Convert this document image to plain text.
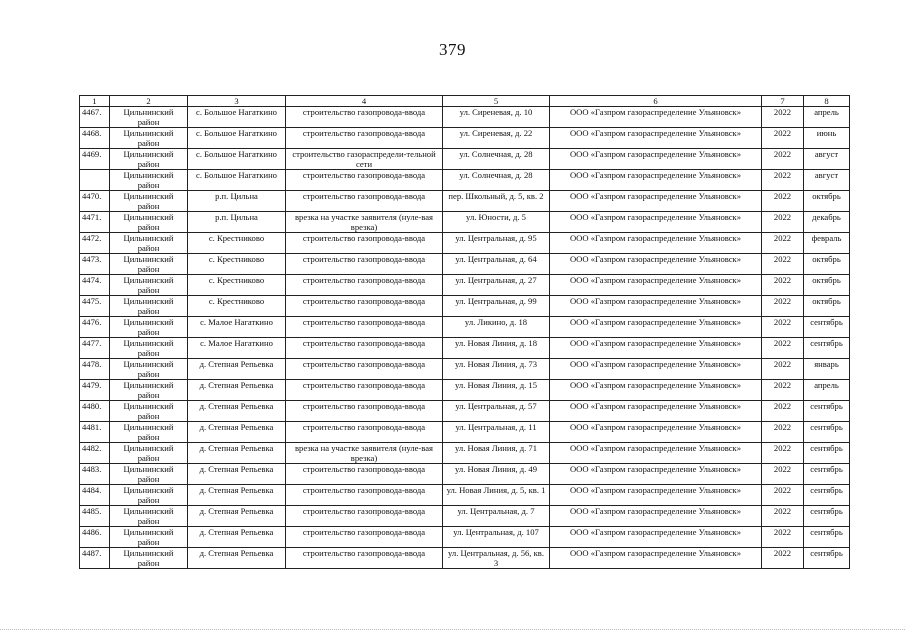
379
1	2	3	4	5	6	7	8
4467.	Цильнинский район	с. Большое Нагаткино	строительство газопровода-ввода	ул. Сиреневая, д. 10	ООО «Газпром газораспределение Ульяновск»	2022	апрель
4468.	Цильнинский район	с. Большое Нагаткино	строительство газопровода-ввода	ул. Сиреневая, д. 22	ООО «Газпром газораспределение Ульяновск»	2022	июнь
4469.	Цильнинский район	с. Большое Нагаткино	строительство газораспредели-тельной сети	ул. Солнечная, д. 28	ООО «Газпром газораспределение Ульяновск»	2022	август
	Цильнинский район	с. Большое Нагаткино	строительство газопровода-ввода	ул. Солнечная, д. 28	ООО «Газпром газораспределение Ульяновск»	2022	август
4470.	Цильнинский район	р.п. Цильна	строительство газопровода-ввода	пер. Школьный, д. 5, кв. 2	ООО «Газпром газораспределение Ульяновск»	2022	октябрь
4471.	Цильнинский район	р.п. Цильна	врезка на участке заявителя (нуле-вая врезка)	ул. Юности, д. 5	ООО «Газпром газораспределение Ульяновск»	2022	декабрь
4472.	Цильнинский район	с. Крестниково	строительство газопровода-ввода	ул. Центральная, д. 95	ООО «Газпром газораспределение Ульяновск»	2022	февраль
4473.	Цильнинский район	с. Крестниково	строительство газопровода-ввода	ул. Центральная, д. 64	ООО «Газпром газораспределение Ульяновск»	2022	октябрь
4474.	Цильнинский район	с. Крестниково	строительство газопровода-ввода	ул. Центральная, д. 27	ООО «Газпром газораспределение Ульяновск»	2022	октябрь
4475.	Цильнинский район	с. Крестниково	строительство газопровода-ввода	ул. Центральная, д. 99	ООО «Газпром газораспределение Ульяновск»	2022	октябрь
4476.	Цильнинский район	с. Малое Нагаткино	строительство газопровода-ввода	ул. Ликино, д. 18	ООО «Газпром газораспределение Ульяновск»	2022	сентябрь
4477.	Цильнинский район	с. Малое Нагаткино	строительство газопровода-ввода	ул. Новая Линия, д. 18	ООО «Газпром газораспределение Ульяновск»	2022	сентябрь
4478.	Цильнинский район	д. Степная Репьевка	строительство газопровода-ввода	ул. Новая Линия, д. 73	ООО «Газпром газораспределение Ульяновск»	2022	январь
4479.	Цильнинский район	д. Степная Репьевка	строительство газопровода-ввода	ул. Новая Линия, д. 15	ООО «Газпром газораспределение Ульяновск»	2022	апрель
4480.	Цильнинский район	д. Степная Репьевка	строительство газопровода-ввода	ул. Центральная, д. 57	ООО «Газпром газораспределение Ульяновск»	2022	сентябрь
4481.	Цильнинский район	д. Степная Репьевка	строительство газопровода-ввода	ул. Центральная, д. 11	ООО «Газпром газораспределение Ульяновск»	2022	сентябрь
4482.	Цильнинский район	д. Степная Репьевка	врезка на участке заявителя (нуле-вая врезка)	ул. Новая Линия, д. 71	ООО «Газпром газораспределение Ульяновск»	2022	сентябрь
4483.	Цильнинский район	д. Степная Репьевка	строительство газопровода-ввода	ул. Новая Линия, д. 49	ООО «Газпром газораспределение Ульяновск»	2022	сентябрь
4484.	Цильнинский район	д. Степная Репьевка	строительство газопровода-ввода	ул. Новая Линия, д. 5, кв. 1	ООО «Газпром газораспределение Ульяновск»	2022	сентябрь
4485.	Цильнинский район	д. Степная Репьевка	строительство газопровода-ввода	ул. Центральная, д. 7	ООО «Газпром газораспределение Ульяновск»	2022	сентябрь
4486.	Цильнинский район	д. Степная Репьевка	строительство газопровода-ввода	ул. Центральная, д. 107	ООО «Газпром газораспределение Ульяновск»	2022	сентябрь
4487.	Цильнинский район	д. Степная Репьевка	строительство газопровода-ввода	ул. Центральная, д. 56, кв. 3	ООО «Газпром газораспределение Ульяновск»	2022	сентябрь
